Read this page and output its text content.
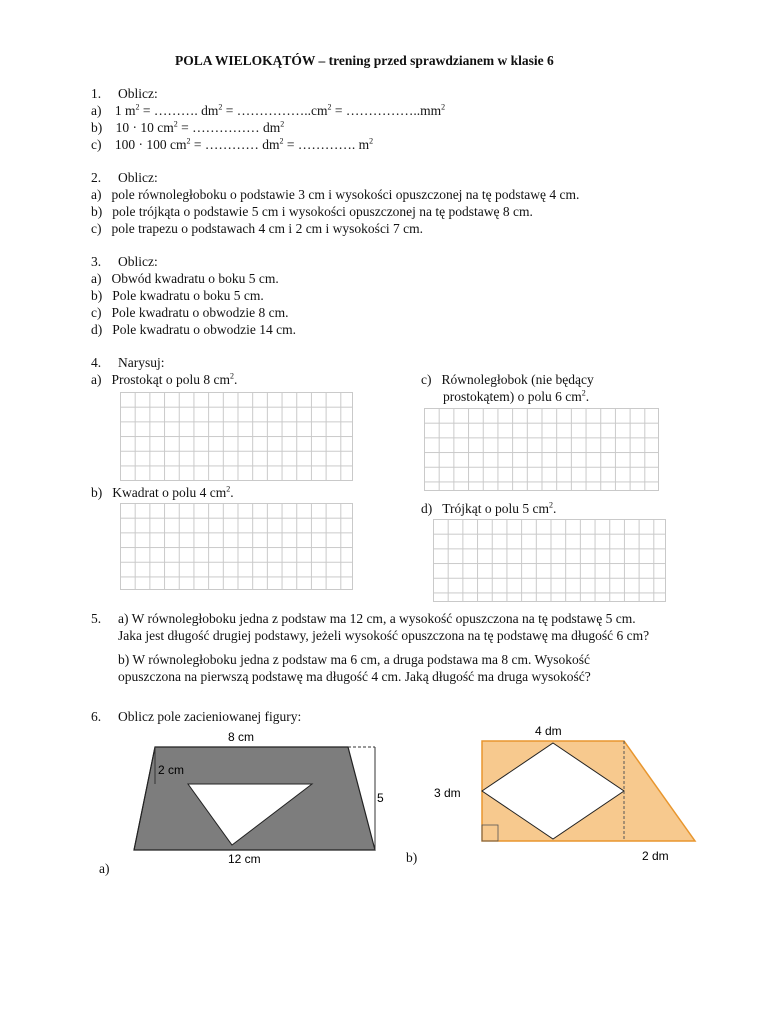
POLA WIELOKĄTÓW – trening przed sprawdzianem w klasie 6
1. Oblicz:
a) 1 $m^2$ = ………. $dm^2$ = $\dots\dots\dots\dots\dots..cm^2$ = $\dots\dots\dots\dots\dots..mm^2$
b) 10 · 10 $cm^2$ = …………… $dm^2$
c) 100 · 100 $cm^2$ = ………… $dm^2$ = …………. $m^2$
2. Oblicz:
a) pole równoległoboku o podstawie 3 cm i wysokości opuszczonej na tę podstawę 4 cm.
b) pole trójkąta o podstawie 5 cm i wysokości opuszczonej na tę podstawę 8 cm.
c) pole trapezu o podstawach 4 cm i 2 cm i wysokości 7 cm.
3. Oblicz:
a) Obwód kwadratu o boku 5 cm.
b) Pole kwadratu o boku 5 cm.
c) Pole kwadratu o obwodzie 8 cm.
d) Pole kwadratu o obwodzie 14 cm.
4. Narysuj:
a) Prostokąt o polu 8 $cm^2$.
b) Kwadrat o polu 4 $cm^2$.
c) Równoległobok (nie będący
prostokątem) o polu 6 $cm^2$.
d) Trójkąt o polu 5 $cm^2$.
5. a) W równoległoboku jedna z podstaw ma 12 cm, a wysokość opuszczona na tę podstawę 5 cm.
Jaka jest długość drugiej podstawy, jeżeli wysokość opuszczona na tę podstawę ma długość 6 cm?
b) W równoległoboku jedna z podstaw ma 6 cm, a druga podstawa ma 8 cm. Wysokość
opuszczona na pierwszą podstawę ma długość 4 cm. Jaką długość ma druga wysokość?
6. Oblicz pole zacieniowanej figury:
8 cm
2 cm
5
12 cm
a)
4 dm
3 dm
2 dm
b)
